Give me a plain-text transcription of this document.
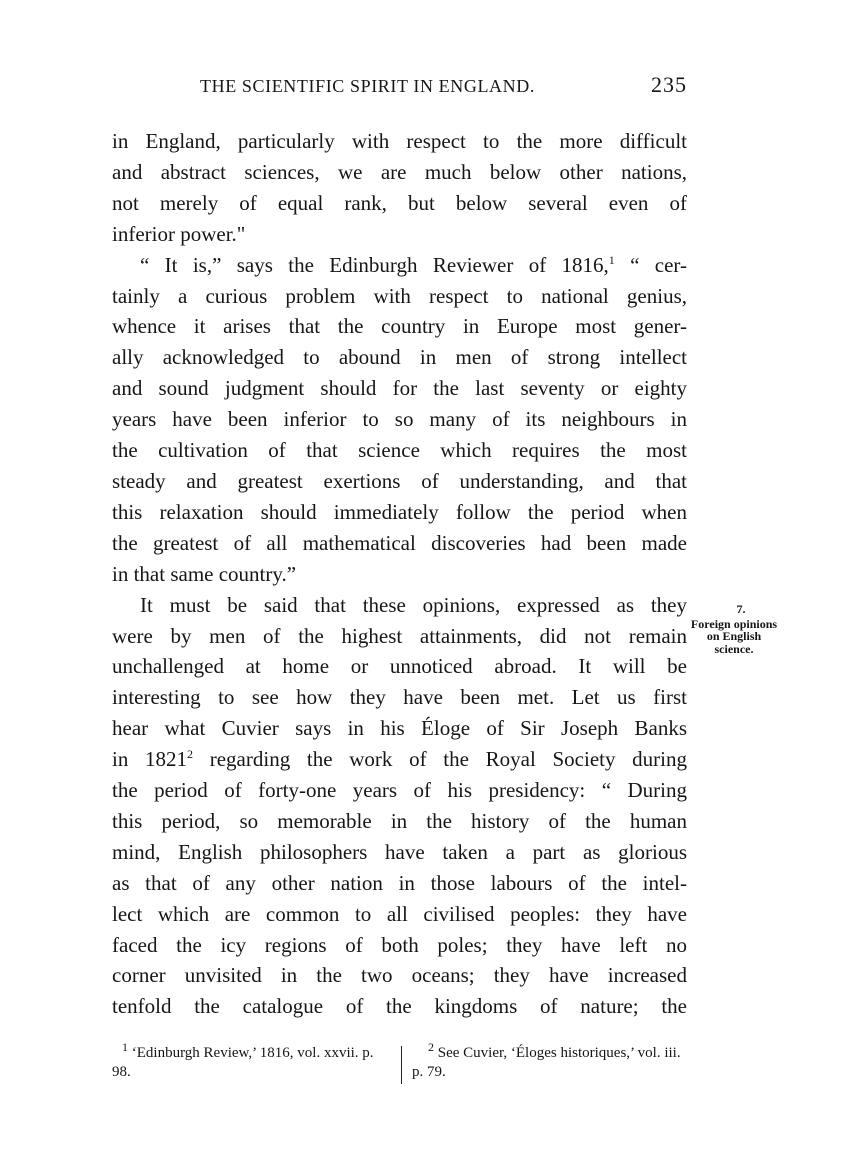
THE SCIENTIFIC SPIRIT IN ENGLAND.	235

in England, particularly with respect to the more difficult
and abstract sciences, we are much below other nations,
not merely of equal rank, but below several even of
inferior power."

“ It is,” says the Edinburgh Reviewer of 1816,$^1$ “ cer-
tainly a curious problem with respect to national genius,
whence it arises that the country in Europe most gener-
ally acknowledged to abound in men of strong intellect
and sound judgment should for the last seventy or eighty
years have been inferior to so many of its neighbours in
the cultivation of that science which requires the most
steady and greatest exertions of understanding, and that
this relaxation should immediately follow the period when
the greatest of all mathematical discoveries had been made
in that same country.”

It must be said that these opinions, expressed as they
were by men of the highest attainments, did not remain
unchallenged at home or unnoticed abroad. It will be
interesting to see how they have been met. Let us first
hear what Cuvier says in his Éloge of Sir Joseph Banks
in 1821$^2$ regarding the work of the Royal Society during
the period of forty-one years of his presidency: “ During
this period, so memorable in the history of the human
mind, English philosophers have taken a part as glorious
as that of any other nation in those labours of the intel-
lect which are common to all civilised peoples: they have
faced the icy regions of both poles; they have left no
corner unvisited in the two oceans; they have increased
tenfold the catalogue of the kingdoms of nature; the

7.
Foreign opinions on English science.
$^1$ ‘Edinburgh Review,’ 1816, vol. xxvii. p. 98.
$^2$ See Cuvier, ‘Éloges historiques,’ vol. iii. p. 79.
